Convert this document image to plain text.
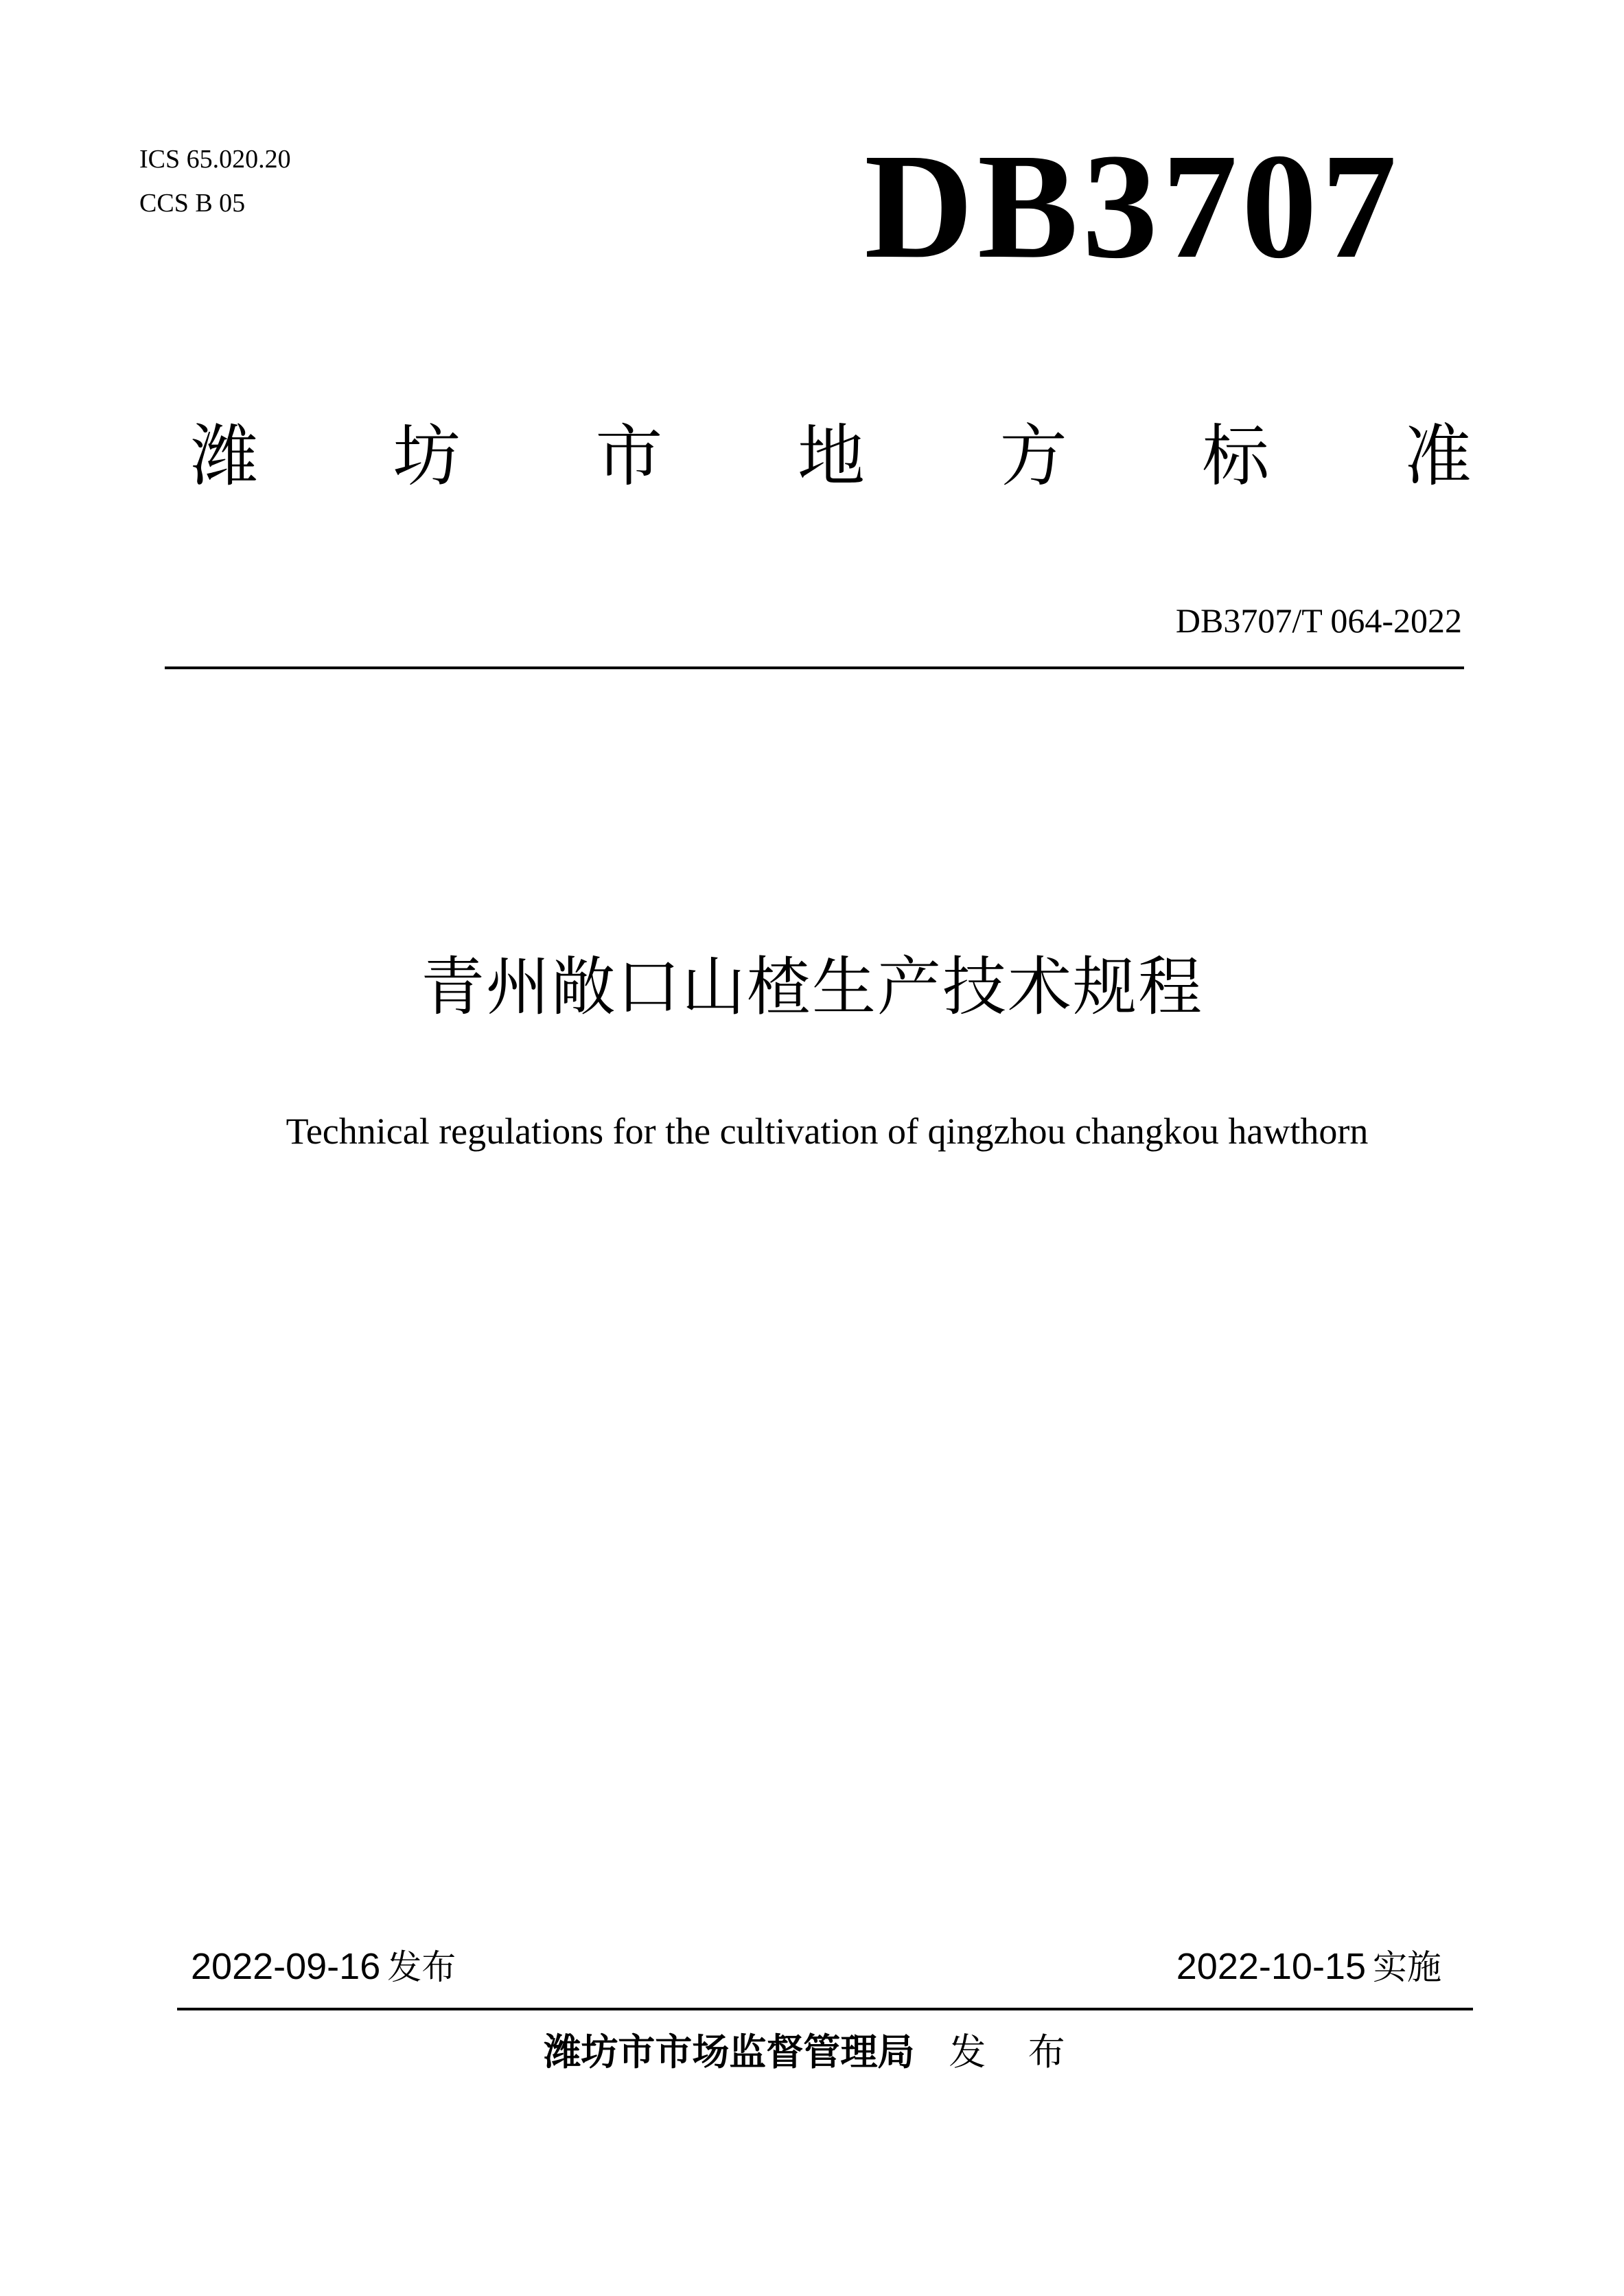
ICS 65.020.20
CCS B 05	DB3707
潍 坊 市 地 方 标 准
DB3707/T 064-2022
青州敞口山楂生产技术规程
Technical regulations for the cultivation of qingzhou changkou hawthorn
2022-09-16 发布	2022-10-15 实施
潍坊市市场监督管理局 发 布
